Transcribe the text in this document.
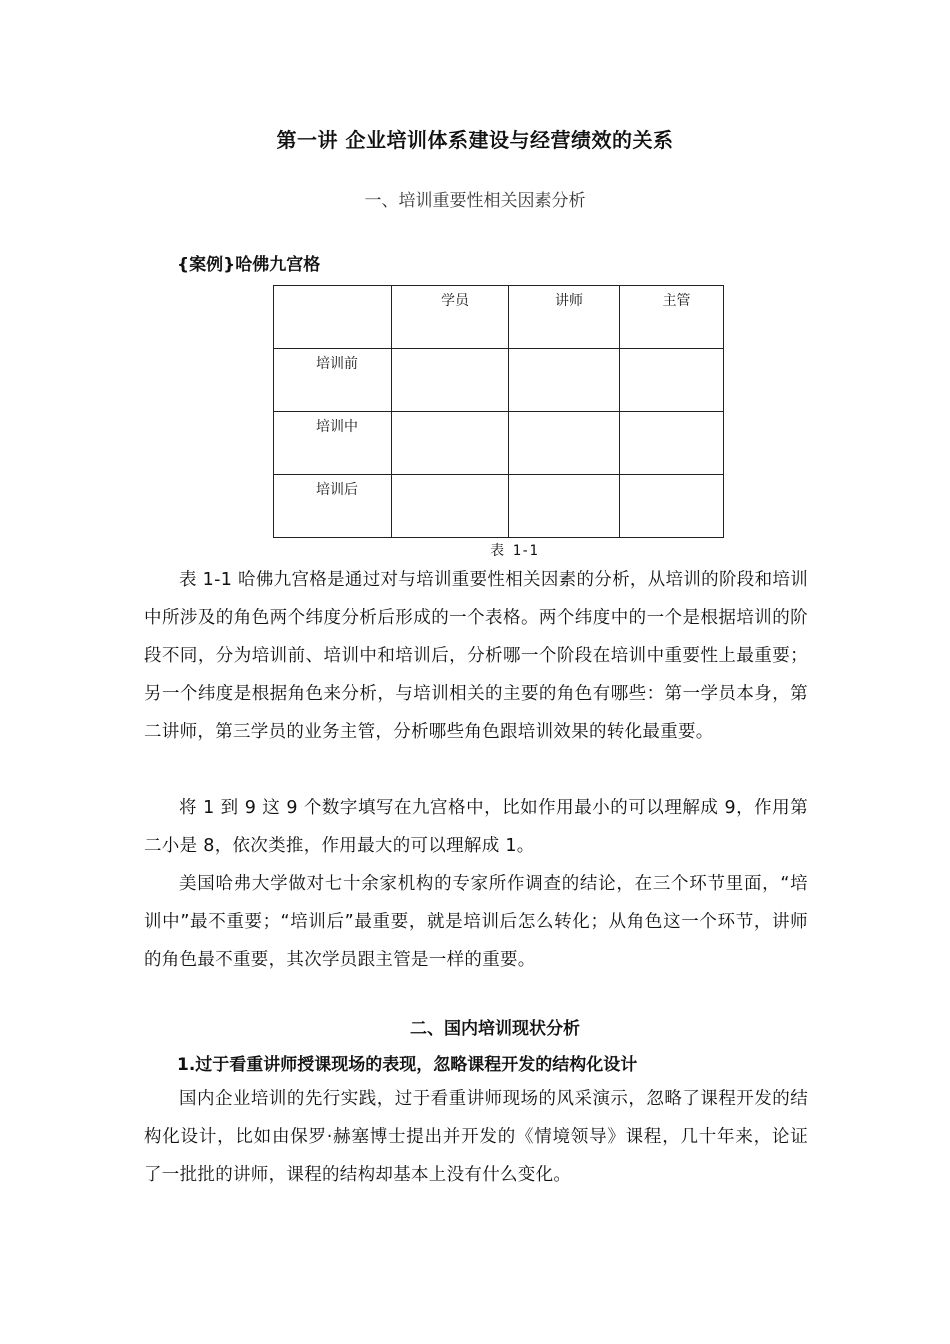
第一讲 企业培训体系建设与经营绩效的关系
一、培训重要性相关因素分析
{案例}哈佛九宫格

	学员	讲师	主管

培训前			

培训中			

培训后			

表 1-1

表 1-1 哈佛九宫格是通过对与培训重要性相关因素的分析，从培训的阶段和培训中所涉及的角色两个纬度分析后形成的一个表格。两个纬度中的一个是根据培训的阶段不同，分为培训前、培训中和培训后，分析哪一个阶段在培训中重要性上最重要；另一个纬度是根据角色来分析，与培训相关的主要的角色有哪些：第一学员本身，第二讲师，第三学员的业务主管，分析哪些角色跟培训效果的转化最重要。

将 1 到 9 这 9 个数字填写在九宫格中，比如作用最小的可以理解成 9，作用第二小是 8，依次类推，作用最大的可以理解成 1。

美国哈弗大学做对七十余家机构的专家所作调查的结论，在三个环节里面，“培训中”最不重要；“培训后”最重要，就是培训后怎么转化；从角色这一个环节，讲师的角色最不重要，其次学员跟主管是一样的重要。

二、国内培训现状分析
1.过于看重讲师授课现场的表现，忽略课程开发的结构化设计

国内企业培训的先行实践，过于看重讲师现场的风采演示，忽略了课程开发的结构化设计，比如由保罗·赫塞博士提出并开发的《情境领导》课程，几十年来，论证了一批批的讲师，课程的结构却基本上没有什么变化。
